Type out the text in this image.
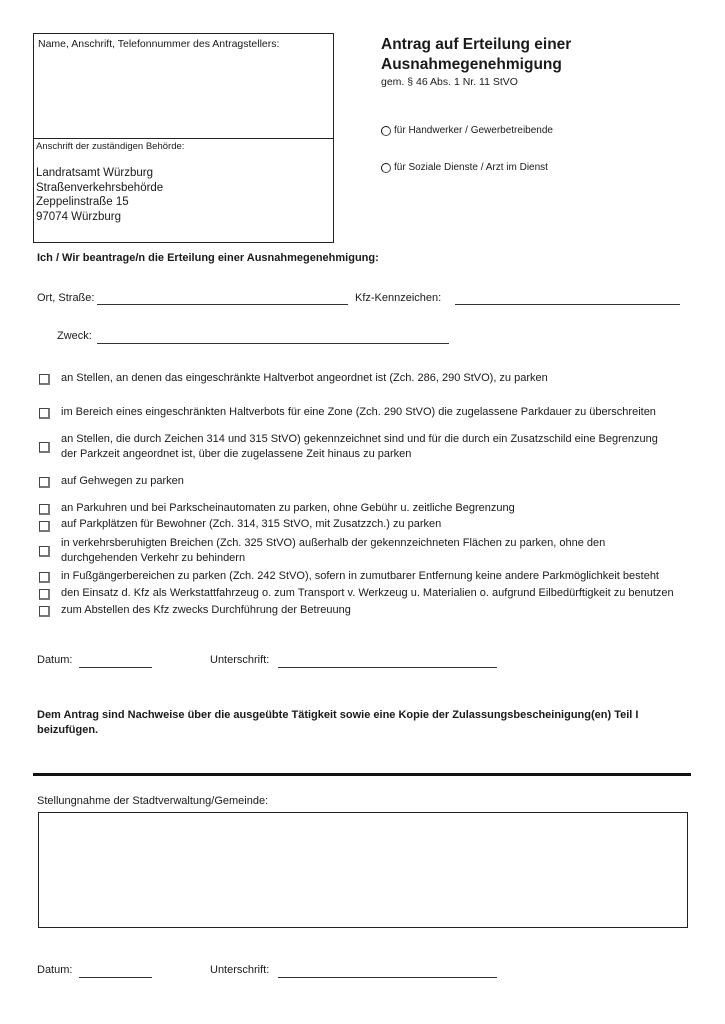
Name, Anschrift, Telefonnummer des Antragstellers:
Anschrift der zuständigen Behörde:
Landratsamt Würzburg
Straßenverkehrsbehörde
Zeppelinstraße 15
97074 Würzburg
Antrag auf Erteilung einer
Ausnahmegenehmigung
gem. § 46 Abs. 1 Nr. 11 StVO
für Handwerker / Gewerbetreibende
für Soziale Dienste / Arzt im Dienst
Ich / Wir beantrage/n die Erteilung einer Ausnahmegenehmigung:
Ort, Straße:	Kfz-Kennzeichen:
Zweck:
an Stellen, an denen das eingeschränkte Haltverbot angeordnet ist (Zch. 286, 290 StVO), zu parken
im Bereich eines eingeschränkten Haltverbots für eine Zone (Zch. 290 StVO) die zugelassene Parkdauer zu überschreiten
an Stellen, die durch Zeichen 314 und 315 StVO) gekennzeichnet sind und für die durch ein Zusatzschild eine Begrenzung
der Parkzeit angeordnet ist, über die zugelassene Zeit hinaus zu parken
auf Gehwegen zu parken
an Parkuhren und bei Parkscheinautomaten zu parken, ohne Gebühr u. zeitliche Begrenzung
auf Parkplätzen für Bewohner (Zch. 314, 315 StVO, mit Zusatzzch.) zu parken
in verkehrsberuhigten Breichen (Zch. 325 StVO) außerhalb der gekennzeichneten Flächen zu parken, ohne den
durchgehenden Verkehr zu behindern
in Fußgängerbereichen zu parken (Zch. 242 StVO), sofern in zumutbarer Entfernung keine andere Parkmöglichkeit besteht
den Einsatz d. Kfz als Werkstattfahrzeug o. zum Transport v. Werkzeug u. Materialien o. aufgrund Eilbedürftigkeit zu benutzen
zum Abstellen des Kfz zwecks Durchführung der Betreuung
Datum:	Unterschrift:
Dem Antrag sind Nachweise über die ausgeübte Tätigkeit sowie eine Kopie der Zulassungsbescheinigung(en) Teil I
beizufügen.
Stellungnahme der Stadtverwaltung/Gemeinde:
Datum:	Unterschrift:
